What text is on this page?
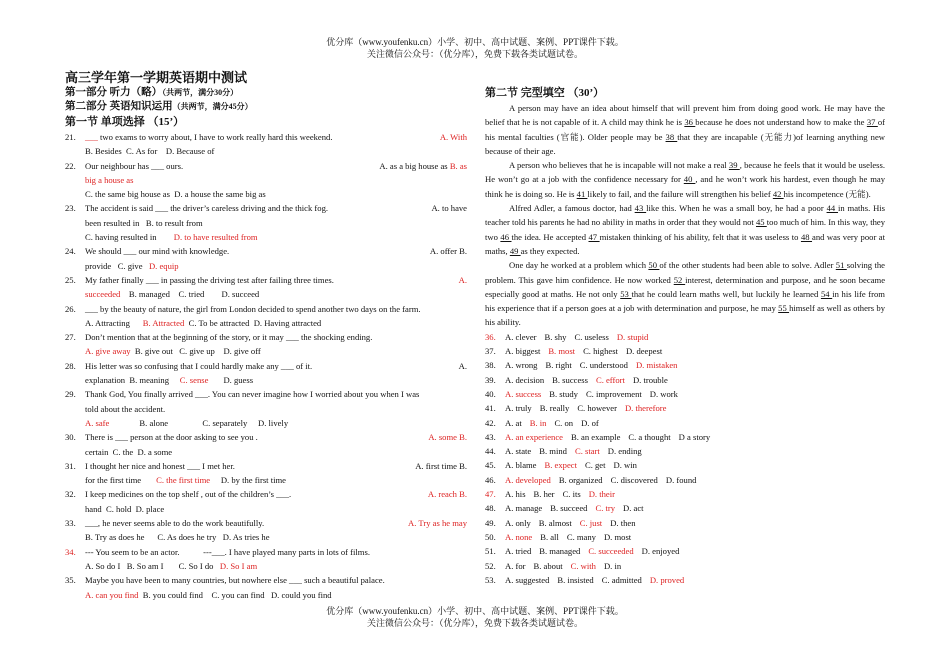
优分库（www.youfenku.cn）小学、初中、高中试题、案例、PPT课件下载。
关注微信公众号：（优分库），免费下载各类试题试卷。
高三学年第一学期英语期中测试
第一部分 听力（略）（共两节，满分30分）
第二部分 英语知识运用（共两节，满分45分）
第一节 单项选择 （15’）
21. ___ two exams to worry about, I have to work really hard this weekend.	A. With
B. Besides  C. As for    D. Because of
22. Our neighbour has ___ ours.	A. as a big house as B. as
big a house as
C. the same big house as  D. a house the same big as
23. The accident is said ___ the driver’s careless driving and the thick fog.	A. to have
been resulted in   B. to result from
C. having resulted in        D. to have resulted from
24. We should ___ our mind with knowledge.	A. offer B.
provide   C. give   D. equip
25. My father finally ___ in passing the driving test after failing three times.	A.
succeeded    B. managed    C. tried        D. succeed
26. ___ by the beauty of nature, the girl from London decided to spend another two days on the farm.
A. Attracting      B. Attracted  C. To be attracted  D. Having attracted
27. Don’t mention that at the beginning of the story, or it may ___ the shocking ending.
A. give away  B. give out   C. give up    D. give off
28. His letter was so confusing that I could hardly make any ___ of it.	A.
explanation  B. meaning     C. sense       D. guess
29. Thank God, You finally arrived ___. You can never imagine how I worried about you when I was
told about the accident.
A. safe              B. alone                C. separately     D. lively
30. There is ___ person at the door asking to see you .	A. some B.
certain  C. the  D. a some
31. I thought her nice and honest ___ I met her.	A. first time B.
for the first time       C. the first time     D. by the first time
32. I keep medicines on the top shelf , out of the children’s ___.	A. reach B.
hand  C. hold  D. place
33. ___, he never seems able to do the work beautifully.	A. Try as he may
B. Try as does he      C. As does he try   D. As tries he
34. --- You seem to be an actor.           ---___. I have played many parts in lots of films.
A. So do I   B. So am I       C. So I do   D. So I am
35. Maybe you have been to many countries, but nowhere else ___ such a beautiful palace.
A. can you find  B. you could find    C. you can find   D. could you find
第二节 完型填空 （30’）
A person may have an idea about himself that will prevent him from doing good work. He may have the belief that he is not capable of it. A child may think he is 36 because he does not understand how to make the 37 of his mental faculties (官能). Older people may be 38 that they are incapable (无能力)of learning anything new because of their age.
A person who believes that he is incapable will not make a real 39 , because he feels that it would be useless. He won’t go at a job with the confidence necessary for 40 , and he won’t work his hardest, even though he may think he is doing so. He is 41 likely to fail, and the failure will strengthen his belief 42 his incompetence (无能).
Alfred Adler, a famous doctor, had 43 like this. When he was a small boy, he had a poor 44 in maths. His teacher told his parents he had no ability in maths in order that they would not 45 too much of him. In this way, they two 46 the idea. He accepted 47 mistaken thinking of his ability, felt that it was useless to 48 and was very poor at maths, 49 as they expected.
One day he worked at a problem which 50 of the other students had been able to solve. Adler 51 solving the problem. This gave him confidence. He now worked 52 interest, determination and purpose, and he soon became especially good at maths. He not only 53 that he could learn maths well, but luckily he learned 54 in his life from his experience that if a person goes at a job with determination and purpose, he may 55 himself as well as others by his ability.
36. A. clever B. shy C. useless D. stupid
37. A. biggest B. most C. highest D. deepest
38. A. wrong B. right C. understood D. mistaken
39. A. decision B. success C. effort D. trouble
40. A. success B. study C. improvement D. work
41. A. truly B. really C. however D. therefore
42. A. at B. in C. on D. of
43. A. an experience B. an example C. a thought D a story
44. A. state B. mind C. start D. ending
45. A. blame B. expect C. get D. win
46. A. developed B. organized C. discovered D. found
47. A. his B. her C. its D. their
48. A. manage B. succeed C. try D. act
49. A. only B. almost C. just D. then
50. A. none B. all C. many D. most
51. A. tried B. managed C. succeeded D. enjoyed
52. A. for B. about C. with D. in
53. A. suggested B. insisted C. admitted D. proved
优分库（www.youfenku.cn）小学、初中、高中试题、案例、PPT课件下载。
关注微信公众号：（优分库），免费下载各类试题试卷。
